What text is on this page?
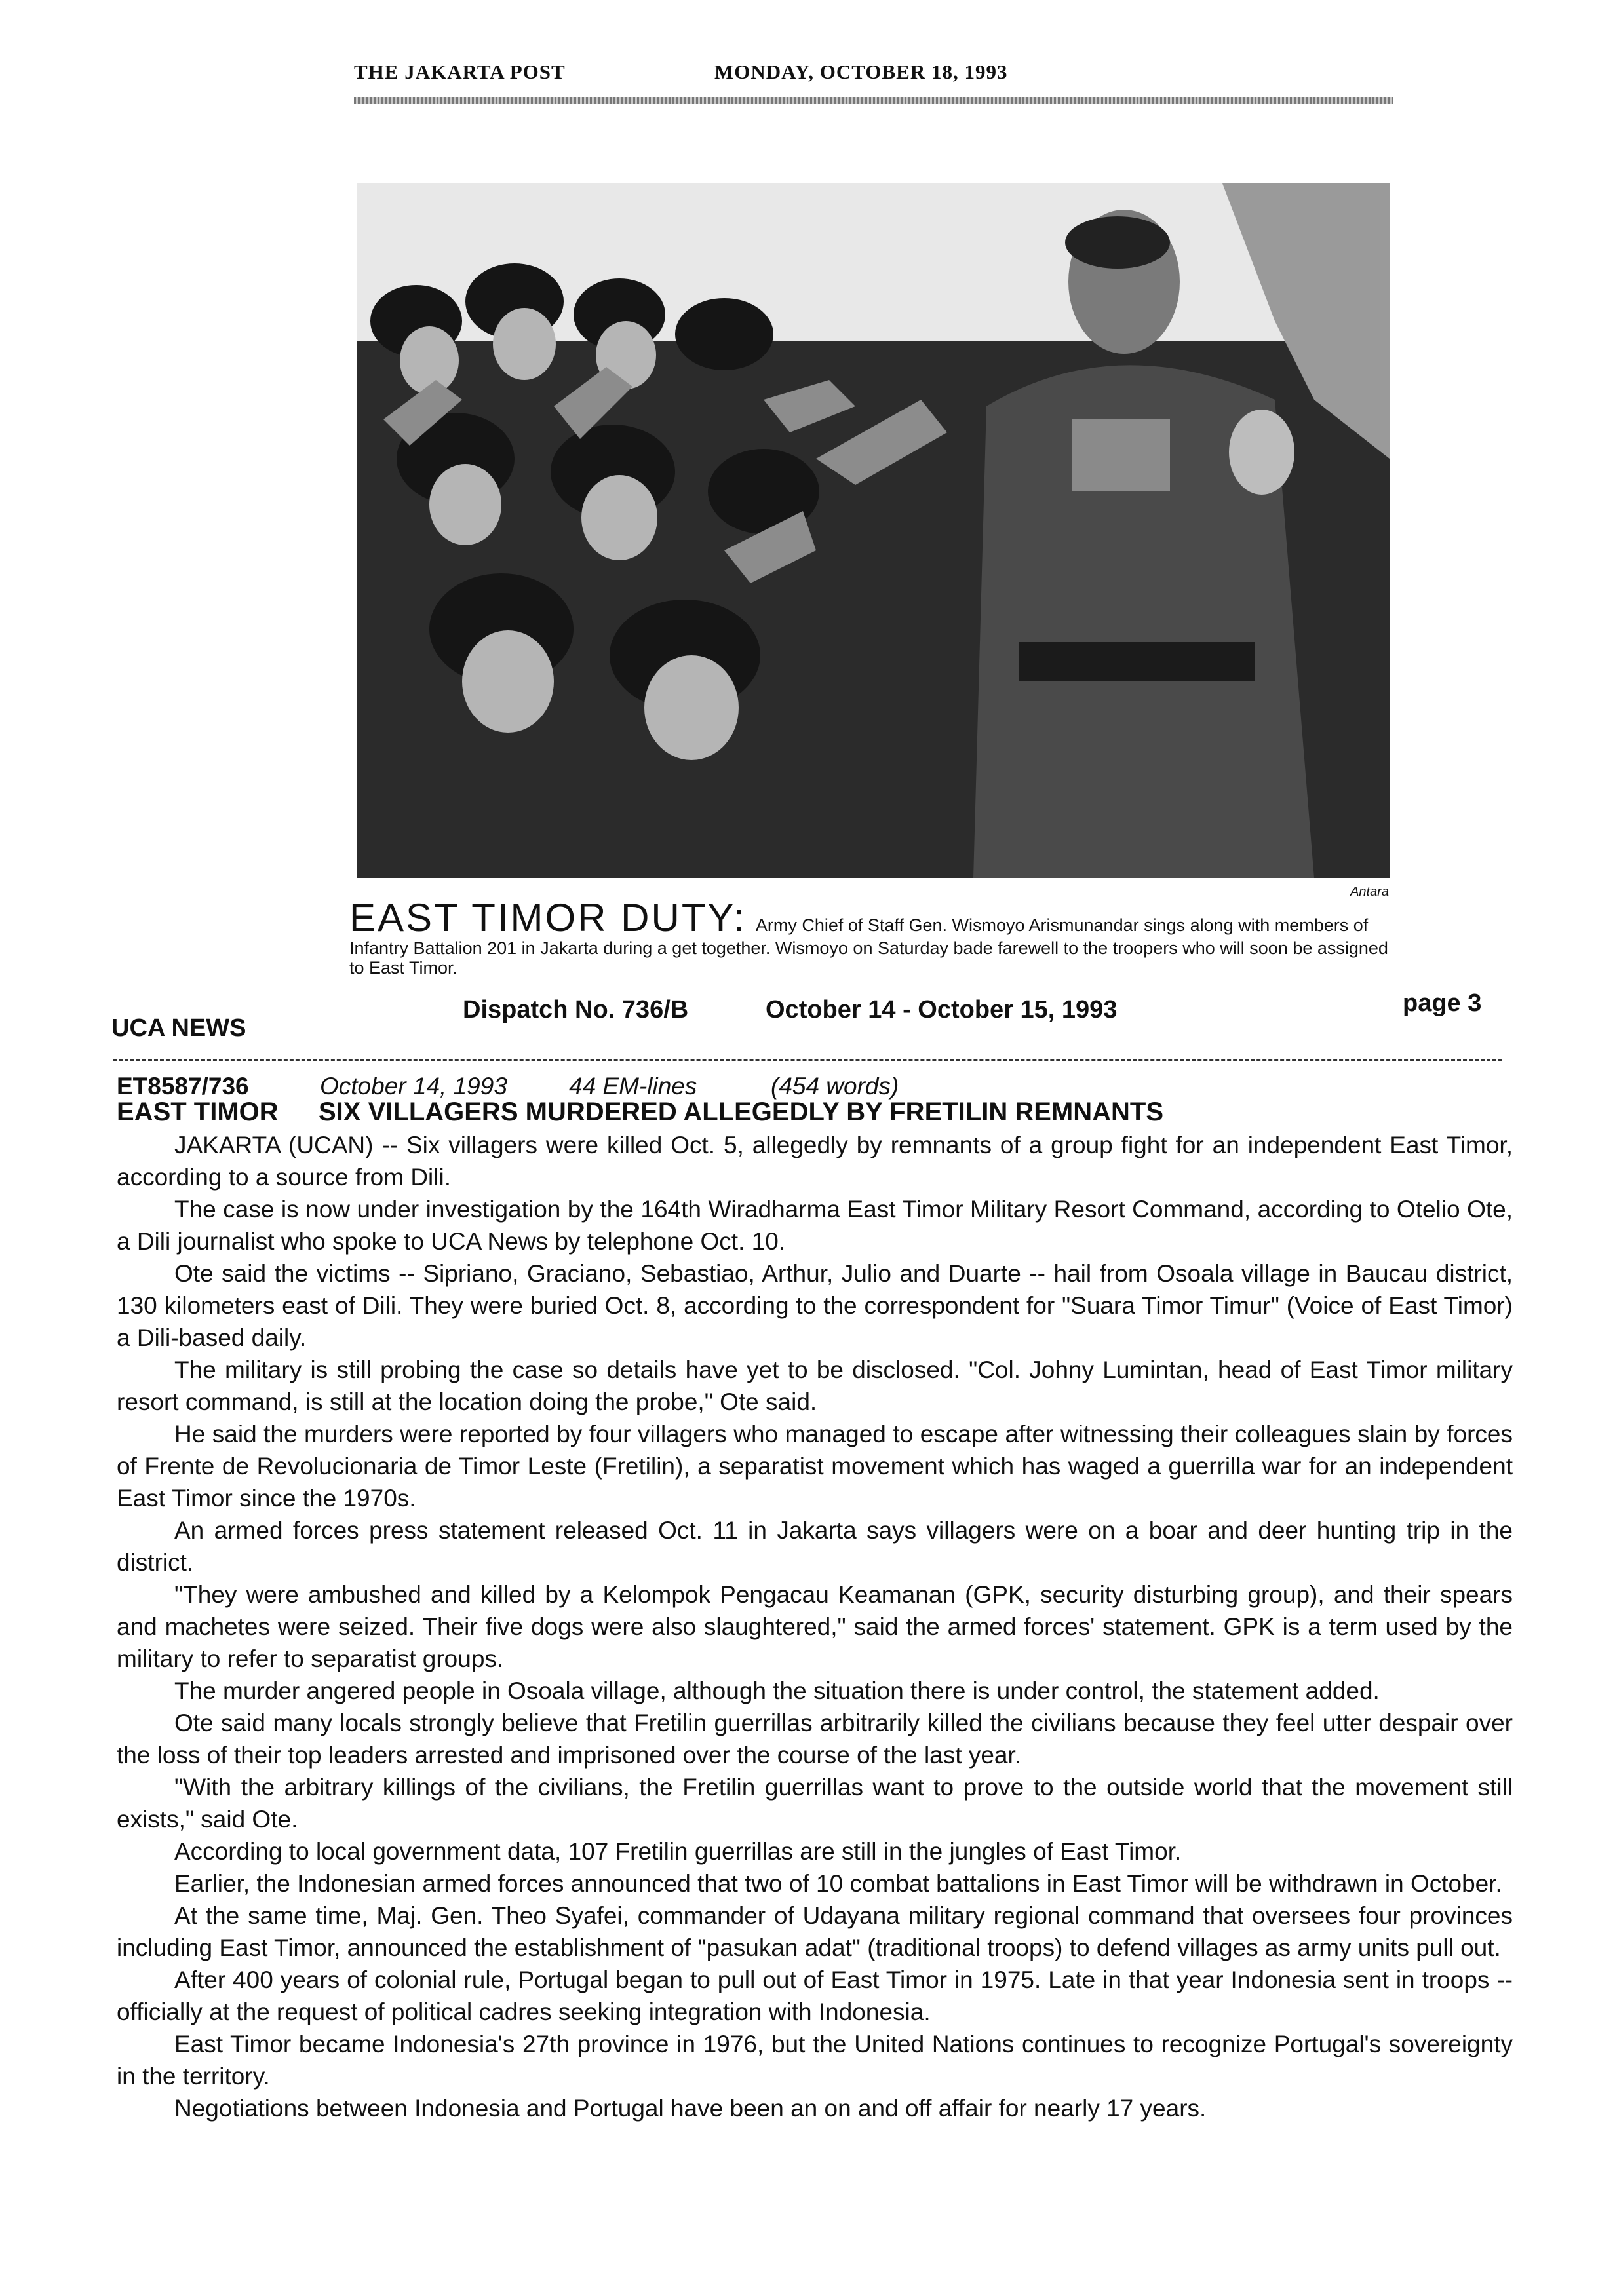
THE JAKARTA POST	MONDAY, OCTOBER 18, 1993
Antara
EAST TIMOR DUTY: Army Chief of Staff Gen. Wismoyo Arismunandar sings along with members of Infantry Battalion 201 in Jakarta during a get together. Wismoyo on Saturday bade farewell to the troopers who will soon be assigned to East Timor.
UCA NEWS
Dispatch No. 736/B	October 14 - October 15, 1993	page 3
ET8587/736	October 14, 1993	44 EM-lines	(454 words)
EAST TIMOR SIX VILLAGERS MURDERED ALLEGEDLY BY FRETILIN REMNANTS

JAKARTA (UCAN) -- Six villagers were killed Oct. 5, allegedly by remnants of a group fight for an independent East Timor, according to a source from Dili.

The case is now under investigation by the 164th Wiradharma East Timor Military Resort Command, according to Otelio Ote, a Dili journalist who spoke to UCA News by telephone Oct. 10.

Ote said the victims -- Sipriano, Graciano, Sebastiao, Arthur, Julio and Duarte -- hail from Osoala village in Baucau district, 130 kilometers east of Dili. They were buried Oct. 8, according to the correspondent for "Suara Timor Timur" (Voice of East Timor) a Dili-based daily.

The military is still probing the case so details have yet to be disclosed. "Col. Johny Lumintan, head of East Timor military resort command, is still at the location doing the probe," Ote said.

He said the murders were reported by four villagers who managed to escape after witnessing their colleagues slain by forces of Frente de Revolucionaria de Timor Leste (Fretilin), a separatist movement which has waged a guerrilla war for an independent East Timor since the 1970s.

An armed forces press statement released Oct. 11 in Jakarta says villagers were on a boar and deer hunting trip in the district.

"They were ambushed and killed by a Kelompok Pengacau Keamanan (GPK, security disturbing group), and their spears and machetes were seized. Their five dogs were also slaughtered," said the armed forces' statement. GPK is a term used by the military to refer to separatist groups.

The murder angered people in Osoala village, although the situation there is under control, the statement added.

Ote said many locals strongly believe that Fretilin guerrillas arbitrarily killed the civilians because they feel utter despair over the loss of their top leaders arrested and imprisoned over the course of the last year.

"With the arbitrary killings of the civilians, the Fretilin guerrillas want to prove to the outside world that the movement still exists," said Ote.

According to local government data, 107 Fretilin guerrillas are still in the jungles of East Timor.

Earlier, the Indonesian armed forces announced that two of 10 combat battalions in East Timor will be withdrawn in October.

At the same time, Maj. Gen. Theo Syafei, commander of Udayana military regional command that oversees four provinces including East Timor, announced the establishment of "pasukan adat" (traditional troops) to defend villages as army units pull out.

After 400 years of colonial rule, Portugal began to pull out of East Timor in 1975. Late in that year Indonesia sent in troops -- officially at the request of political cadres seeking integration with Indonesia.

East Timor became Indonesia's 27th province in 1976, but the United Nations continues to recognize Portugal's sovereignty in the territory.

Negotiations between Indonesia and Portugal have been an on and off affair for nearly 17 years.
